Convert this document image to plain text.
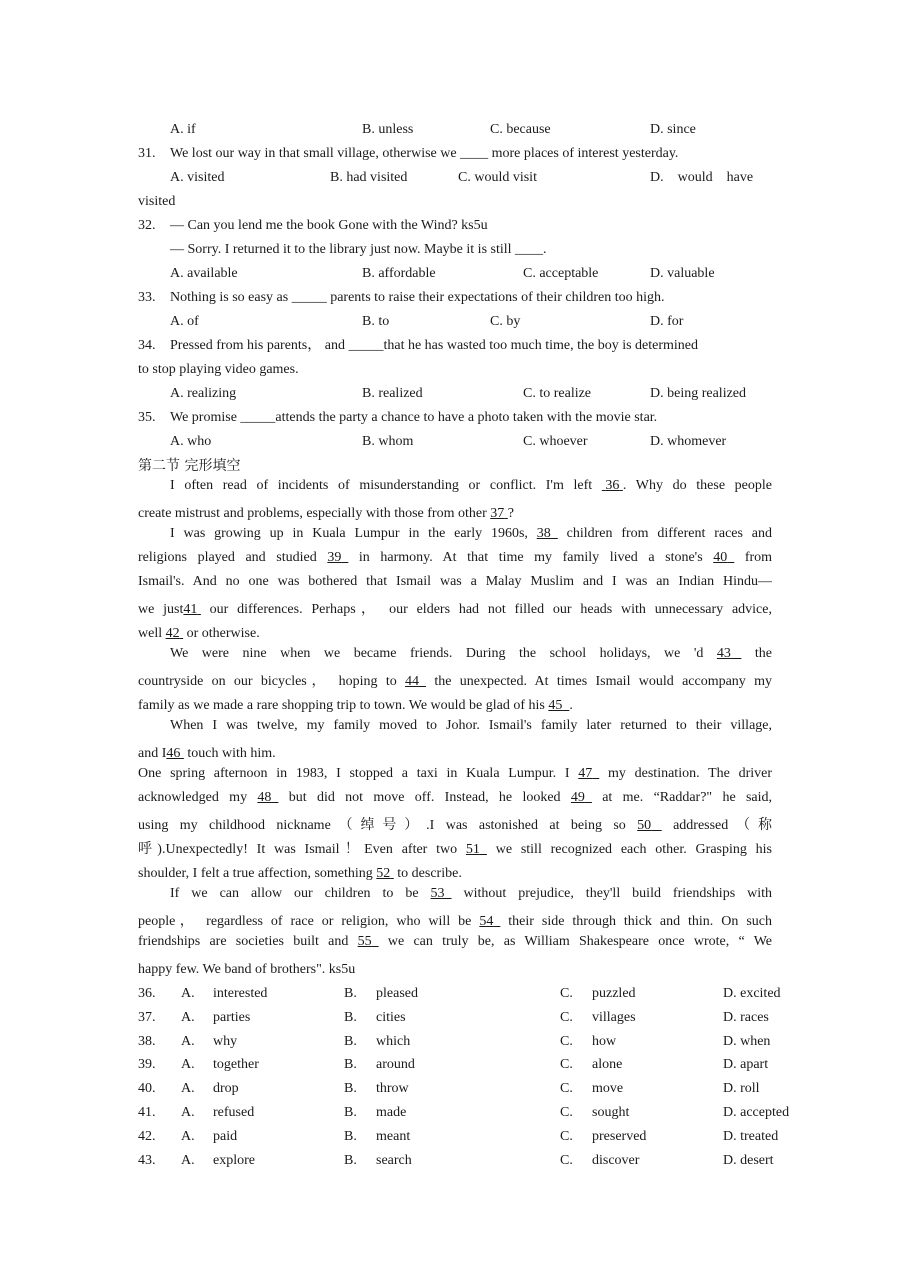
A. if	B. unless	C. because	D. since
31. We lost our way in that small village, otherwise we ____ more places of interest yesterday.
A. visited	B. had visited	C. would visit	D.    would    have
visited
32. — Can you lend me the book Gone with the Wind? ks5u
— Sorry. I returned it to the library just now. Maybe it is still ____.
A. available	B. affordable	C. acceptable	D. valuable
33. Nothing is so easy as _____ parents to raise their expectations of their children too high.
A. of	B. to	C. by	D. for
34. Pressed from his parents， and _____that he has wasted too much time, the boy is determined
to stop playing video games.
A. realizing	B. realized	C. to realize	D. being realized
35. We promise _____attends the party a chance to have a photo taken with the movie star.
A. who	B. whom	C. whoever	D. whomever
第二节 完形填空
I often read of incidents of misunderstanding or conflict. I'm left 36 . Why do these people
create mistrust and problems, especially with those from other 37 ?
I was growing up in Kuala Lumpur in the early 1960s, 38 children from different races and
religions played and studied 39 in harmony. At that time my family lived a stone's 40 from
Ismail's. And no one was bothered that Ismail was a Malay Muslim and I was an Indian Hindu—
we just41 our differences. Perhaps， our elders had not filled our heads with unnecessary advice,
well 42 or otherwise.
We were nine when we became friends. During the school holidays, we 'd 43 the
countryside on our bicycles， hoping to 44 the unexpected. At times Ismail would accompany my
family as we made a rare shopping trip to town. We would be glad of his 45 .
When I was twelve, my family moved to Johor. Ismail's family later returned to their village,
and I46 touch with him.
One spring afternoon in 1983, I stopped a taxi in Kuala Lumpur. I 47 my destination. The driver
acknowledged my 48 but did not move off. Instead, he looked 49 at me. “Raddar?" he said,
using my childhood nickname（绰号）.I was astonished at being so 50 addressed（称
呼).Unexpectedly! It was Ismail！Even after two 51 we still recognized each other. Grasping his
shoulder, I felt a true affection, something 52 to describe.
If we can allow our children to be 53 without prejudice, they'll build friendships with
people， regardless of race or religion, who will be 54 their side through thick and thin. On such
friendships are societies built and 55 we can truly be, as William Shakespeare once wrote, “ We
happy few. We band of brothers". ks5u
36. A. interested	B. pleased	C. puzzled	D. excited
37. A. parties	B. cities	C. villages	D. races
38. A. why	B. which	C. how	D. when
39. A. together	B. around	C. alone	D. apart
40. A. drop	B. throw	C. move	D. roll
41. A. refused	B. made	C. sought	D. accepted
42. A. paid	B. meant	C. preserved	D. treated
43. A. explore	B. search	C. discover	D. desert
